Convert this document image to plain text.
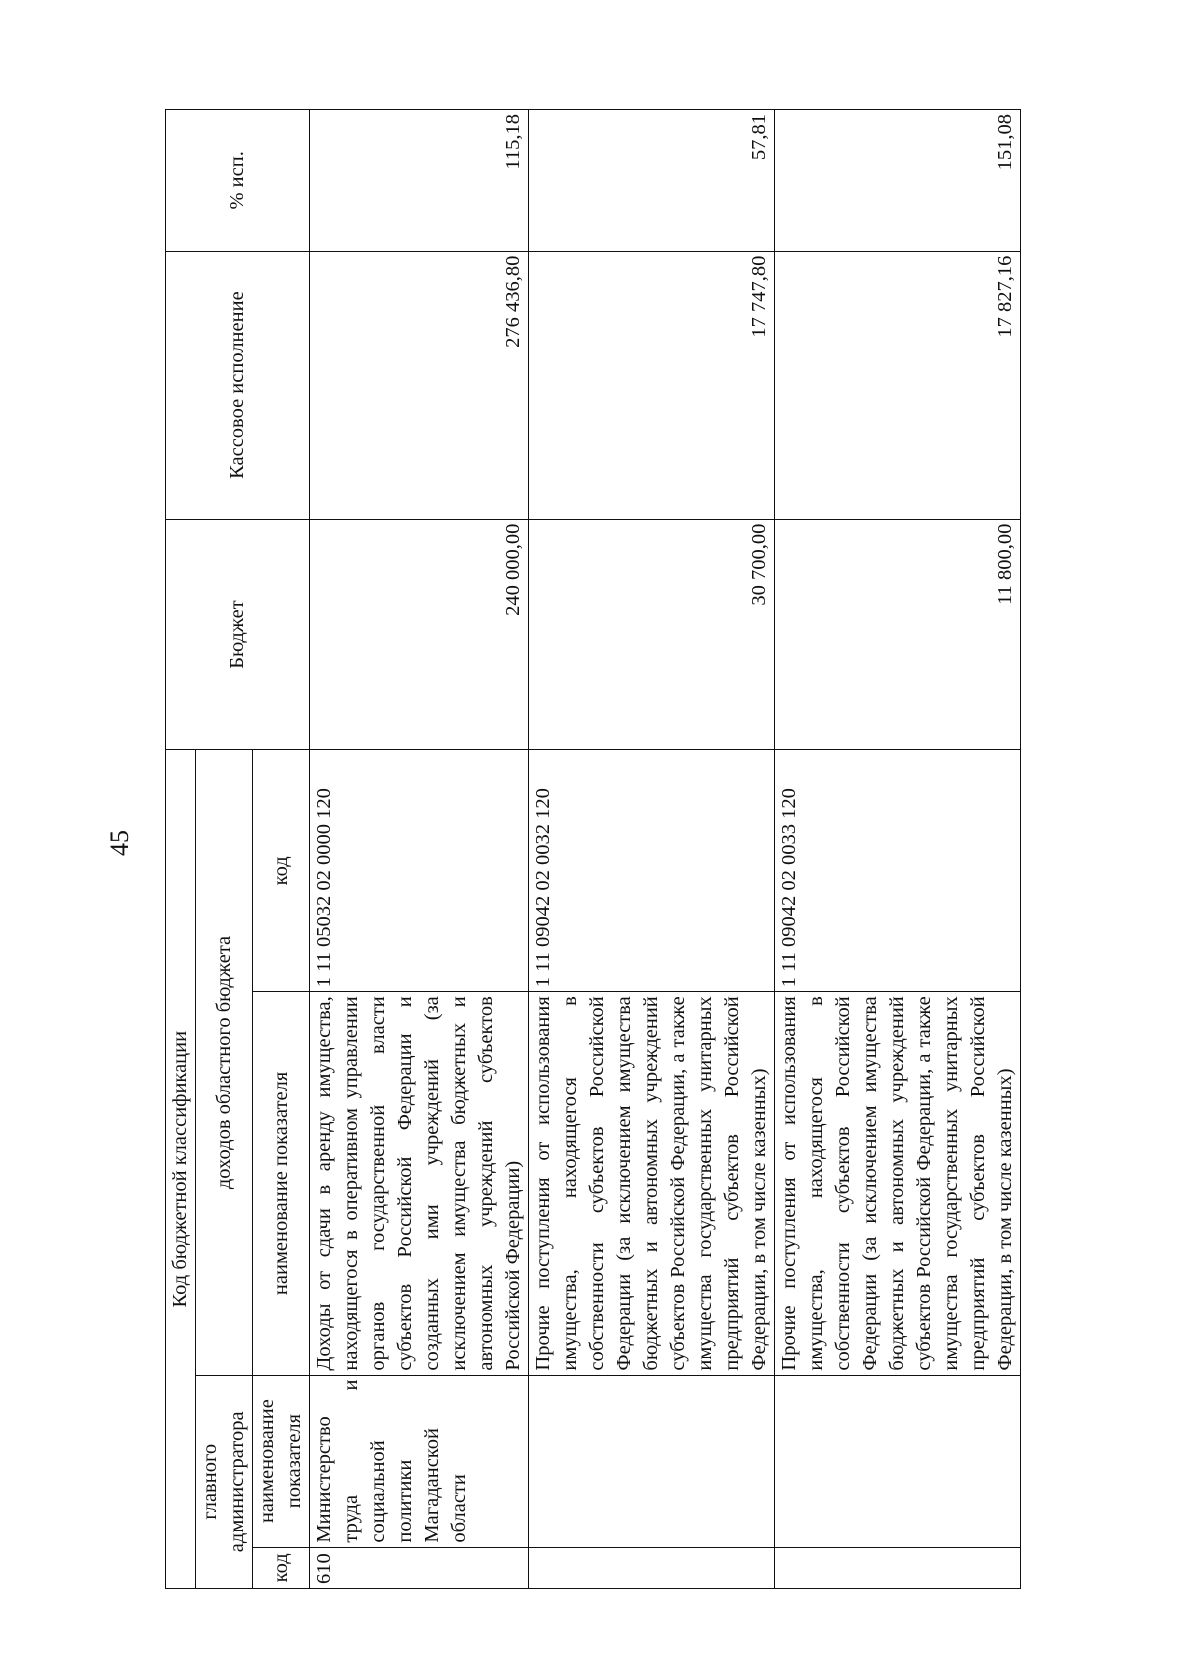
45
Код бюджетной классификации				Бюджет	Кассовое исполнение	% исп.
главного администратора		доходов областного бюджета				
код	наименование показателя	наименование показателя	код			
610	Министерство труда и социальной политики Магаданской области	Доходы от сдачи в аренду имущества, находящегося в оперативном управлении органов государственной власти субъектов Российской Федерации и созданных ими учреждений (за исключением имущества бюджетных и автономных учреждений субъектов Российской Федерации)	1 11 05032 02 0000 120	240 000,00	276 436,80	115,18
		Прочие поступления от использования имущества, находящегося в собственности субъектов Российской Федерации (за исключением имущества бюджетных и автономных учреждений субъектов Российской Федерации, а также имущества государственных унитарных предприятий субъектов Российской Федерации, в том числе казенных)	1 11 09042 02 0032 120	30 700,00	17 747,80	57,81
		Прочие поступления от использования имущества, находящегося в собственности субъектов Российской Федерации (за исключением имущества бюджетных и автономных учреждений субъектов Российской Федерации, а также имущества государственных унитарных предприятий субъектов Российской Федерации, в том числе казенных)	1 11 09042 02 0033 120	11 800,00	17 827,16	151,08
